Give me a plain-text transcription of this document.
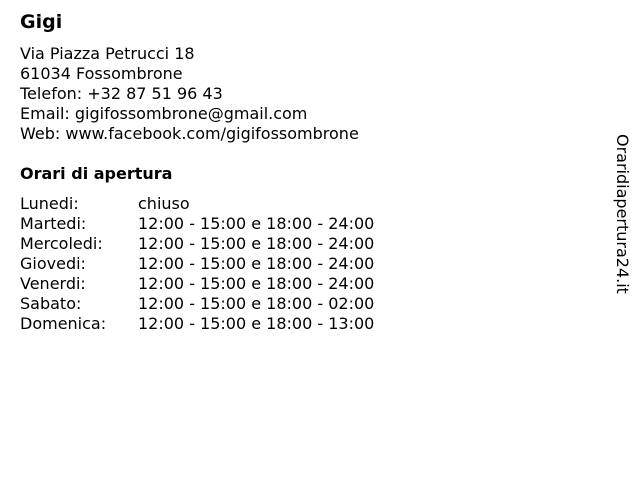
Gigi
Via Piazza Petrucci 18
61034 Fossombrone
Telefon: +32 87 51 96 43
Email: gigifossombrone@gmail.com
Web: www.facebook.com/gigifossombrone
Orari di apertura
Lunedi:	chiuso
Martedi:	12:00 - 15:00 e 18:00 - 24:00
Mercoledi:	12:00 - 15:00 e 18:00 - 24:00
Giovedi:	12:00 - 15:00 e 18:00 - 24:00
Venerdi:	12:00 - 15:00 e 18:00 - 24:00
Sabato:	12:00 - 15:00 e 18:00 - 02:00
Domenica:	12:00 - 15:00 e 18:00 - 13:00
Oraridiapertura24.it
